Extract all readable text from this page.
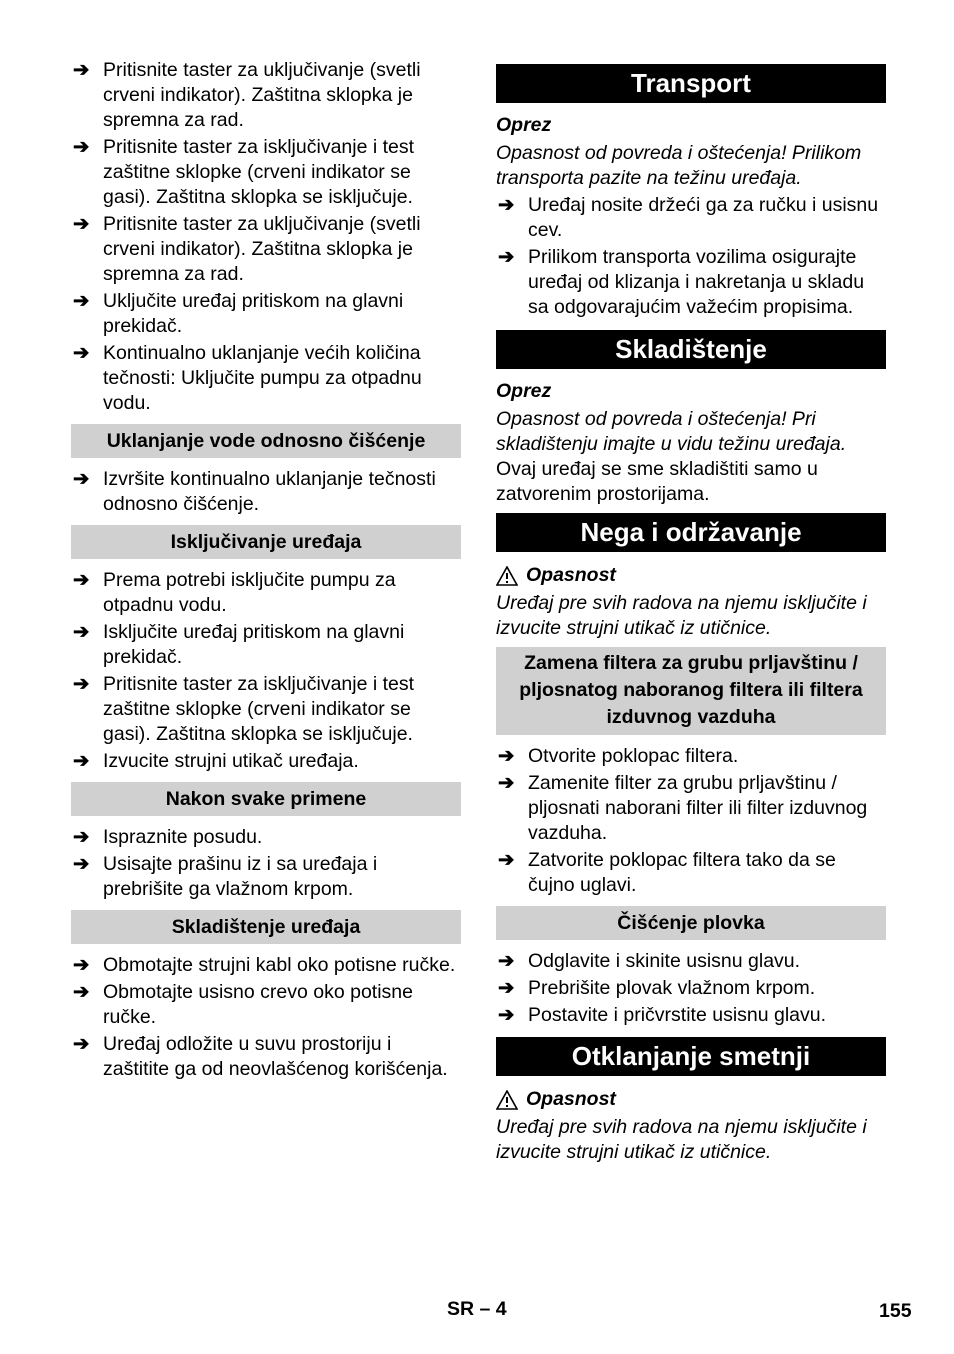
➔ Pritisnite taster za uključivanje (svetli crveni indikator). Zaštitna sklopka je spremna za rad.
➔ Pritisnite taster za isključivanje i test zaštitne sklopke (crveni indikator se gasi). Zaštitna sklopka se isključuje.
➔ Pritisnite taster za uključivanje (svetli crveni indikator). Zaštitna sklopka je spremna za rad.
➔ Uključite uređaj pritiskom na glavni prekidač.
➔ Kontinualno uklanjanje većih količina tečnosti: Uključite pumpu za otpadnu vodu.
Uklanjanje vode odnosno čišćenje
➔ Izvršite kontinualno uklanjanje tečnosti odnosno čišćenje.
Isključivanje uređaja
➔ Prema potrebi isključite pumpu za otpadnu vodu.
➔ Isključite uređaj pritiskom na glavni prekidač.
➔ Pritisnite taster za isključivanje i test zaštitne sklopke (crveni indikator se gasi). Zaštitna sklopka se isključuje.
➔ Izvucite strujni utikač uređaja.
Nakon svake primene
➔ Ispraznite posudu.
➔ Usisajte prašinu iz i sa uređaja i prebrišite ga vlažnom krpom.
Skladištenje uređaja
➔ Obmotajte strujni kabl oko potisne ručke.
➔ Obmotajte usisno crevo oko potisne ručke.
➔ Uređaj odložite u suvu prostoriju i zaštitite ga od neovlašćenog korišćenja.
Transport
Oprez
Opasnost od povreda i oštećenja! Prilikom transporta pazite na težinu uređaja.
➔ Uređaj nosite držeći ga za ručku i usisnu cev.
➔ Prilikom transporta vozilima osigurajte uređaj od klizanja i nakretanja u skladu sa odgovarajućim važećim propisima.
Skladištenje
Oprez
Opasnost od povreda i oštećenja! Pri skladištenju imajte u vidu težinu uređaja.
Ovaj uređaj se sme skladištiti samo u zatvorenim prostorijama.
Nega i održavanje
Opasnost
Uređaj pre svih radova na njemu isključite i izvucite strujni utikač iz utičnice.
Zamena filtera za grubu prljavštinu / pljosnatog naboranog filtera ili filtera izduvnog vazduha
➔ Otvorite poklopac filtera.
➔ Zamenite filter za grubu prljavštinu / pljosnati naborani filter ili filter izduvnog vazduha.
➔ Zatvorite poklopac filtera tako da se čujno uglavi.
Čišćenje plovka
➔ Odglavite i skinite usisnu glavu.
➔ Prebrišite plovak vlažnom krpom.
➔ Postavite i pričvrstite usisnu glavu.
Otklanjanje smetnji
Opasnost
Uređaj pre svih radova na njemu isključite i izvucite strujni utikač iz utičnice.
SR – 4	155
